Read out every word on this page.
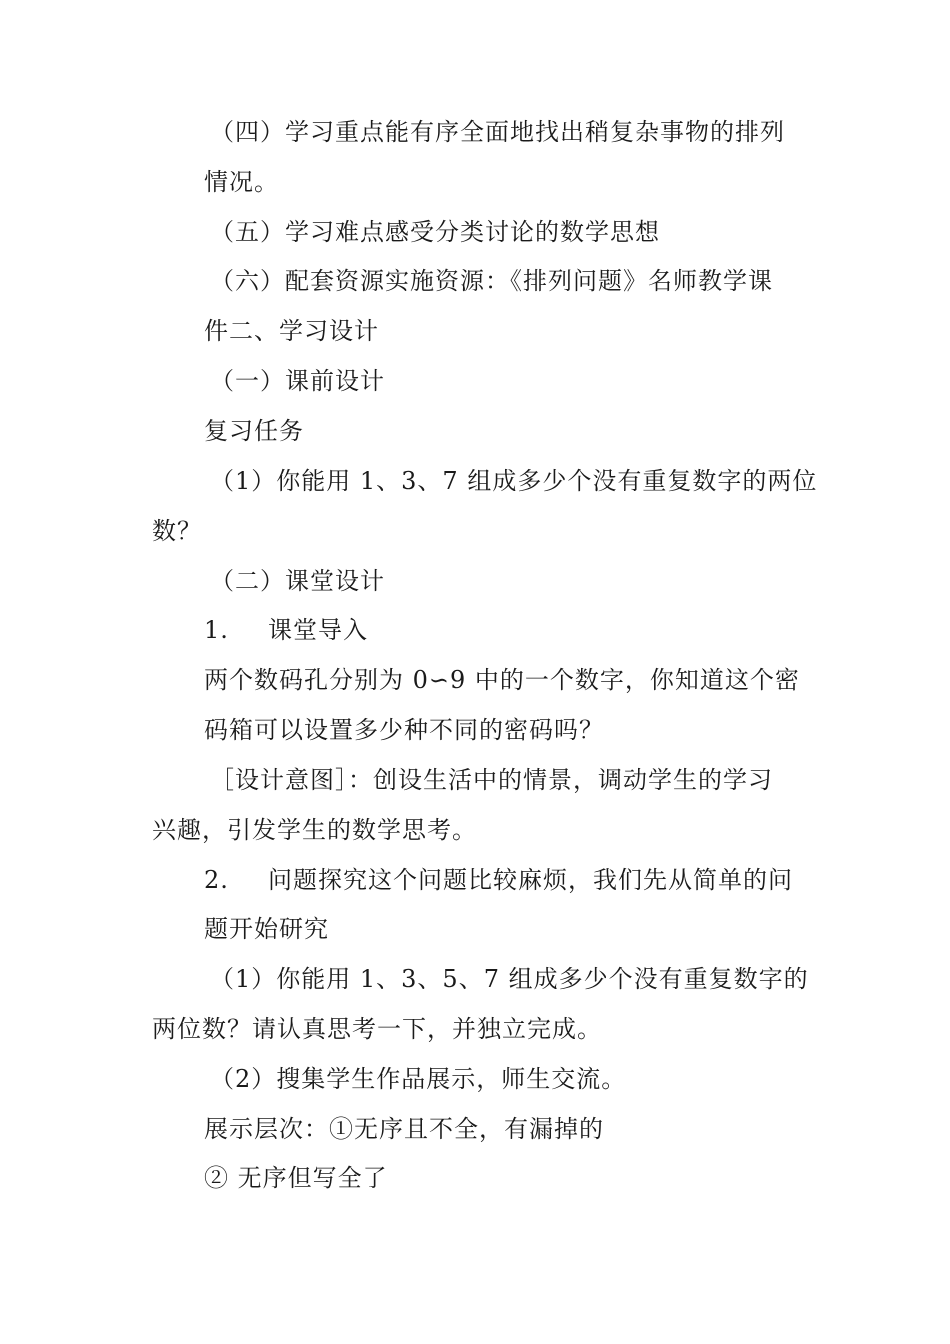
（四）学习重点能有序全面地找出稍复杂事物的排列
情况。
（五）学习难点感受分类讨论的数学思想
（六）配套资源实施资源：《排列问题》名师教学课
件二、学习设计
（一）课前设计
复习任务
（1）你能用 1、3、7 组成多少个没有重复数字的两位
数？
（二）课堂设计
1. 课堂导入
两个数码孔分别为 0∽9 中的一个数字，你知道这个密
码箱可以设置多少种不同的密码吗？
［设计意图］：创设生活中的情景，调动学生的学习
兴趣，引发学生的数学思考。
2. 问题探究这个问题比较麻烦，我们先从简单的问
题开始研究
（1）你能用 1、3、5、7 组成多少个没有重复数字的
两位数？请认真思考一下，并独立完成。
（2）搜集学生作品展示，师生交流。
展示层次：①无序且不全，有漏掉的
② 无序但写全了
